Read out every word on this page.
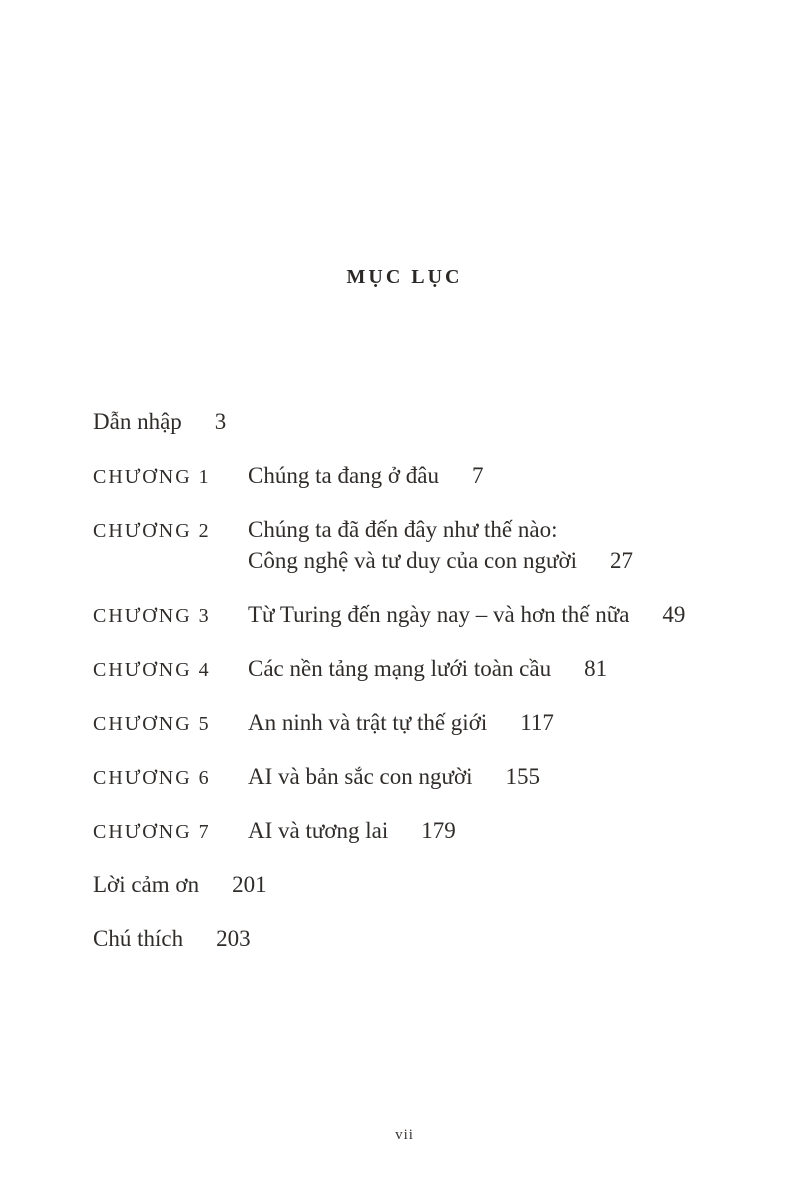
MỤC LỤC
Dẫn nhập 3
CHƯƠNG 1	Chúng ta đang ở đâu 7
CHƯƠNG 2	Chúng ta đã đến đây như thế nào:
Công nghệ và tư duy của con người 27
CHƯƠNG 3	Từ Turing đến ngày nay – và hơn thế nữa 49
CHƯƠNG 4	Các nền tảng mạng lưới toàn cầu 81
CHƯƠNG 5	An ninh và trật tự thế giới 117
CHƯƠNG 6	AI và bản sắc con người 155
CHƯƠNG 7	AI và tương lai 179
Lời cảm ơn 201
Chú thích 203
vii
